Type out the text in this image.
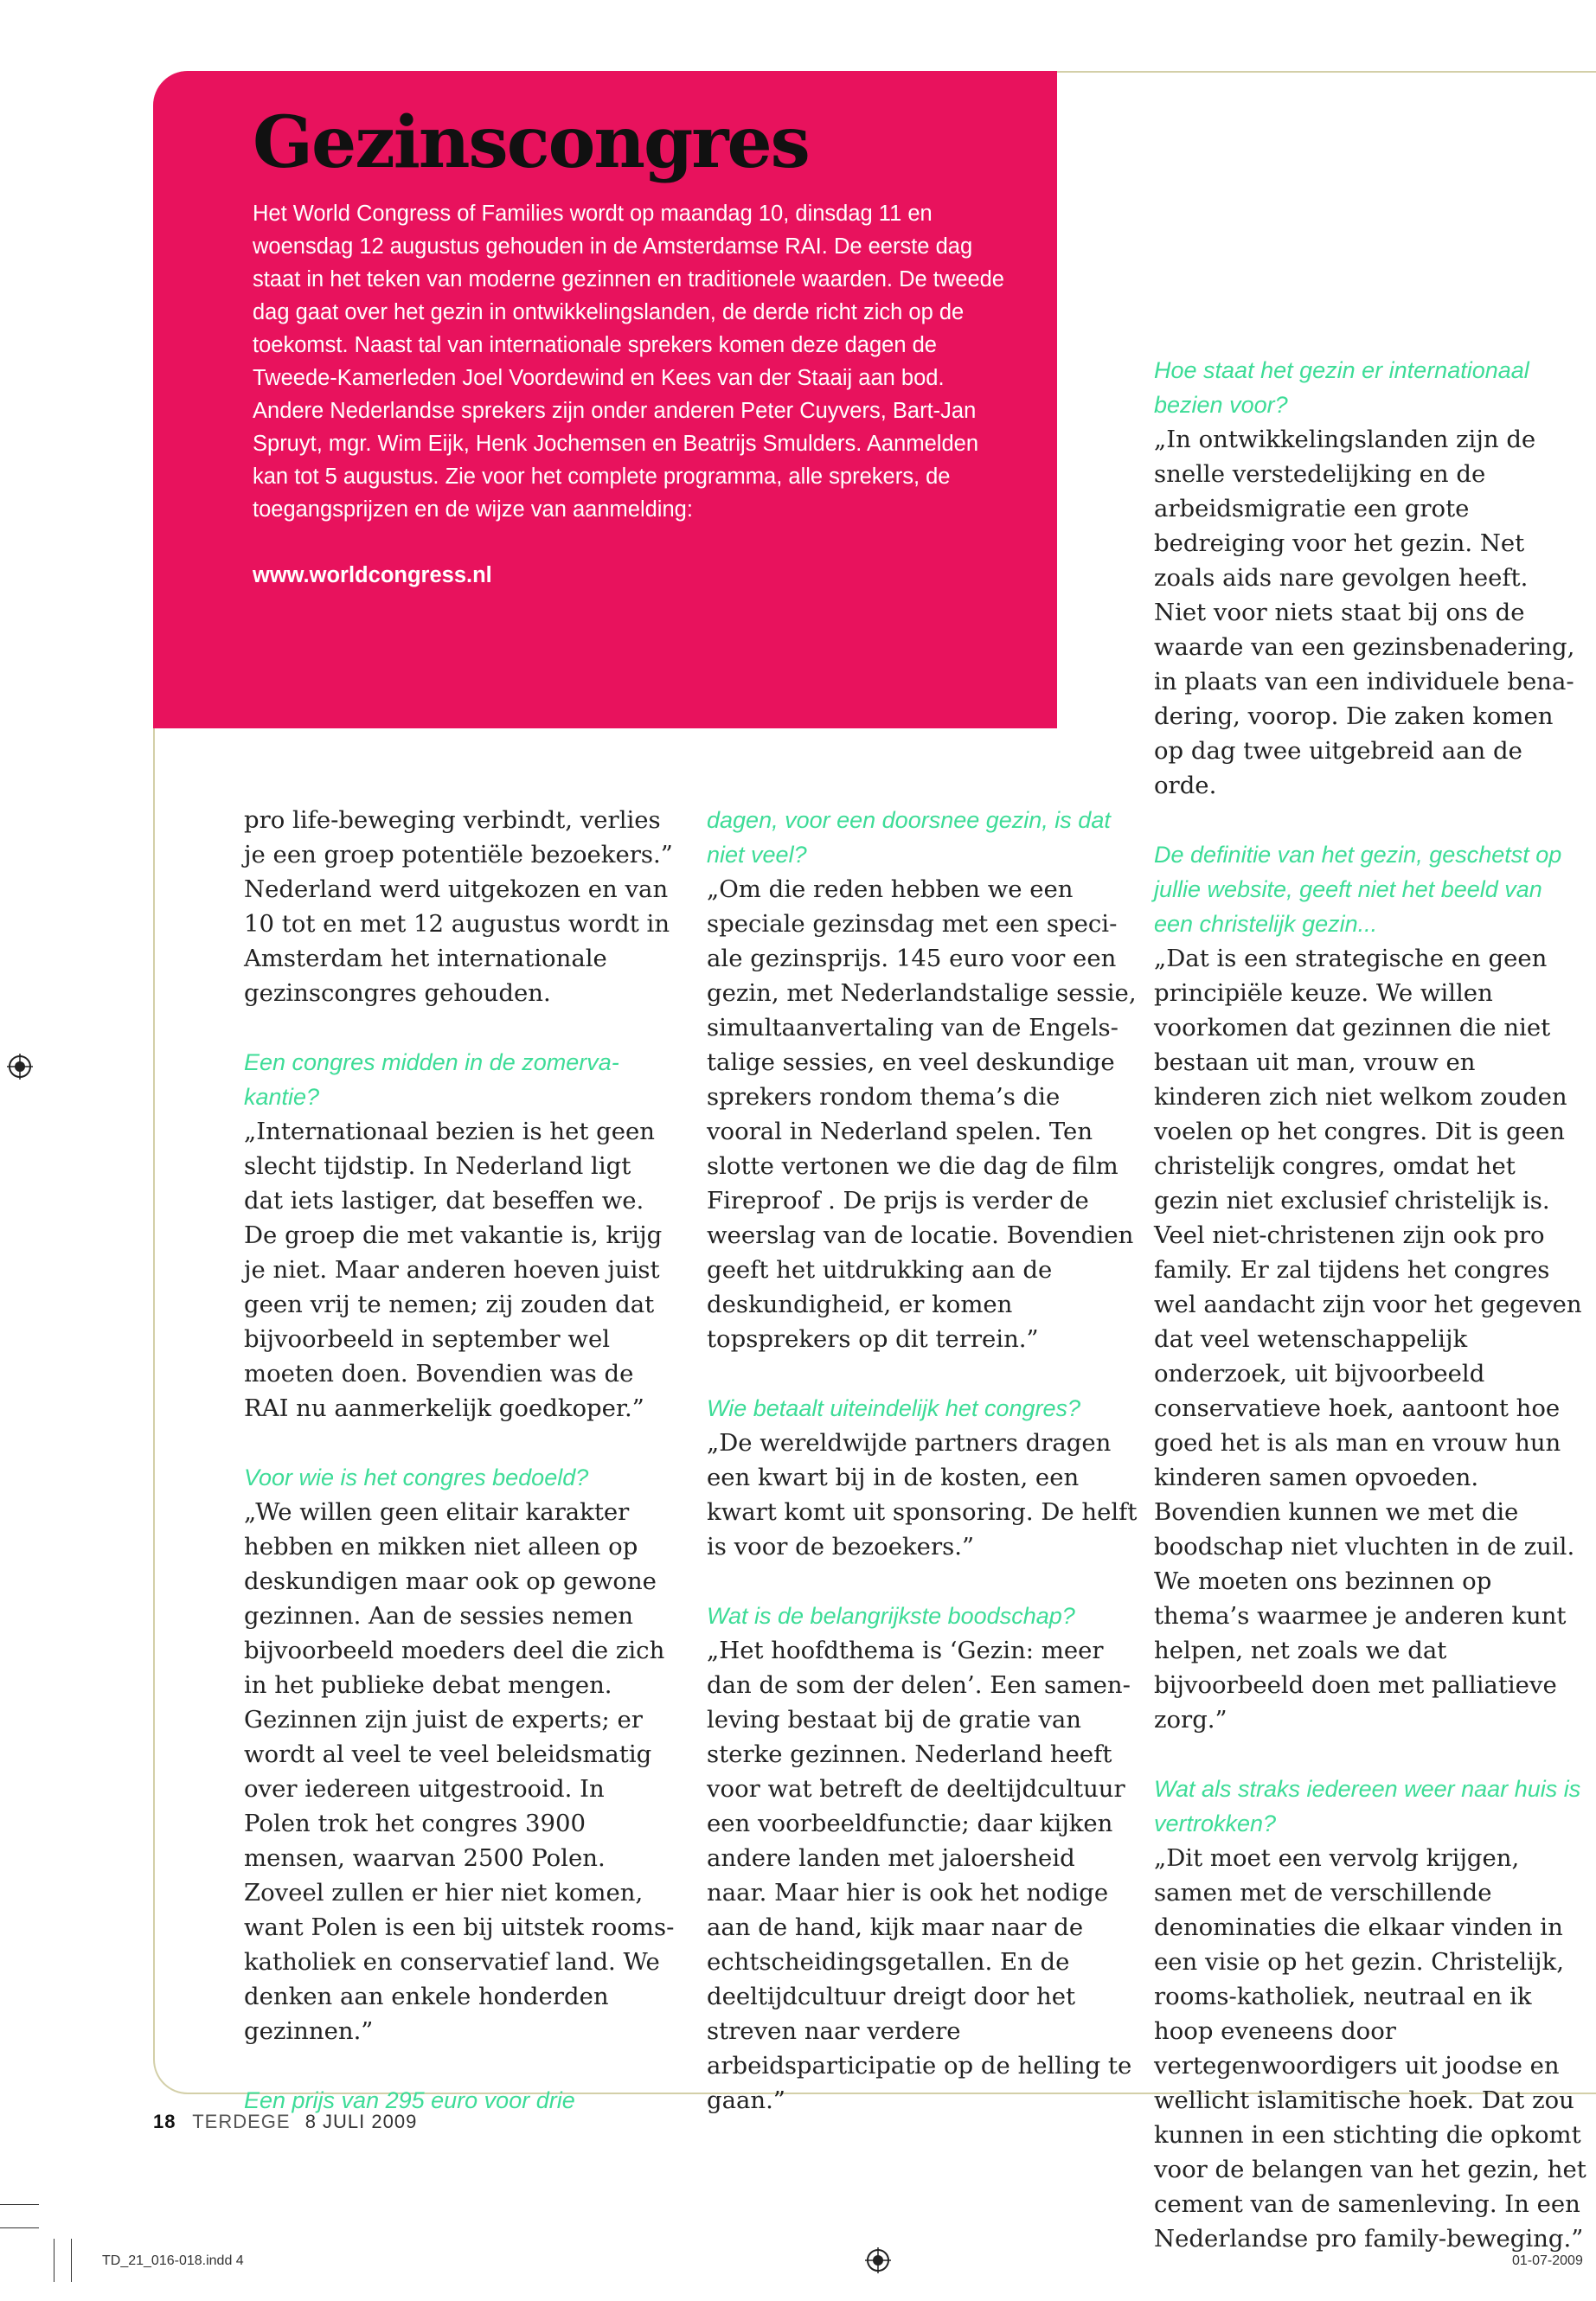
Gezinscongres

Het World Congress of Families wordt op maandag 10, dinsdag 11 en woensdag 12 augustus gehouden in de Amsterdamse RAI. De eerste dag staat in het teken van moderne gezinnen en traditionele waarden. De tweede dag gaat over het gezin in ontwikkelingslanden, de derde richt zich op de toekomst. Naast tal van internationale sprekers komen deze dagen de Tweede-Kamerleden Joel Voordewind en Kees van der Staaij aan bod. Andere Nederlandse sprekers zijn onder anderen Peter Cuyvers, Bart-Jan Spruyt, mgr. Wim Eijk, Henk Jochemsen en Beatrijs Smulders. Aanmelden kan tot 5 augustus. Zie voor het complete programma, alle sprekers, de toegangsprijzen en de wijze van aanmelding:

www.worldcongress.nl

pro life-beweging verbindt, verlies je een groep potentiële bezoekers.” Nederland werd uitgekozen en van 10 tot en met 12 augustus wordt in Amsterdam het internationale gezinscongres gehouden.

Een congres midden in de zomervakantie?
„Internationaal bezien is het geen slecht tijdstip. In Nederland ligt dat iets lastiger, dat beseffen we. De groep die met vakantie is, krijg je niet. Maar anderen hoeven juist geen vrij te nemen; zij zouden dat bijvoorbeeld in september wel moeten doen. Bovendien was de RAI nu aanmerkelijk goedkoper.”

Voor wie is het congres bedoeld?
„We willen geen elitair karakter hebben en mikken niet alleen op deskundigen maar ook op gewone gezinnen. Aan de sessies nemen bijvoorbeeld moeders deel die zich in het publieke debat mengen. Gezinnen zijn juist de experts; er wordt al veel te veel beleidsmatig over iedereen uitgestrooid. In Polen trok het congres 3900 mensen, waarvan 2500 Polen. Zoveel zullen er hier niet komen, want Polen is een bij uitstek rooms-katholiek en conservatief land. We denken aan enkele honderden gezinnen.”

Een prijs van 295 euro voor drie

dagen, voor een doorsnee gezin, is dat niet veel?
„Om die reden hebben we een speciale gezinsdag met een speciale gezinsprijs. 145 euro voor een gezin, met Nederlandstalige sessie, simultaanvertaling van de Engelstalige sessies, en veel deskundige sprekers rondom thema’s die vooral in Nederland spelen. Ten slotte vertonen we die dag de film Fireproof . De prijs is verder de weerslag van de locatie. Bovendien geeft het uitdrukking aan de deskundigheid, er komen topsprekers op dit terrein.”

Wie betaalt uiteindelijk het congres?
„De wereldwijde partners dragen een kwart bij in de kosten, een kwart komt uit sponsoring. De helft is voor de bezoekers.”

Wat is de belangrijkste boodschap?
„Het hoofdthema is ‘Gezin: meer dan de som der delen’. Een samenleving bestaat bij de gratie van sterke gezinnen. Nederland heeft voor wat betreft de deeltijdcultuur een voorbeeldfunctie; daar kijken andere landen met jaloersheid naar. Maar hier is ook het nodige aan de hand, kijk maar naar de echtscheidingsgetallen. En de deeltijdcultuur dreigt door het streven naar verdere arbeidsparticipatie op de helling te gaan.”

Hoe staat het gezin er internationaal bezien voor?
„In ontwikkelingslanden zijn de snelle verstedelijking en de arbeidsmigratie een grote bedreiging voor het gezin. Net zoals aids nare gevolgen heeft. Niet voor niets staat bij ons de waarde van een gezinsbenadering, in plaats van een individuele benadering, voorop. Die zaken komen op dag twee uitgebreid aan de orde.

De definitie van het gezin, geschetst op jullie website, geeft niet het beeld van een christelijk gezin...
„Dat is een strategische en geen principiële keuze. We willen voorkomen dat gezinnen die niet bestaan uit man, vrouw en kinderen zich niet welkom zouden voelen op het congres. Dit is geen christelijk congres, omdat het gezin niet exclusief christelijk is. Veel niet-christenen zijn ook pro family. Er zal tijdens het congres wel aandacht zijn voor het gegeven dat veel wetenschappelijk onderzoek, uit bijvoorbeeld conservatieve hoek, aantoont hoe goed het is als man en vrouw hun kinderen samen opvoeden. Bovendien kunnen we met die boodschap niet vluchten in de zuil. We moeten ons bezinnen op thema’s waarmee je anderen kunt helpen, net zoals we dat bijvoorbeeld doen met palliatieve zorg.”

Wat als straks iedereen weer naar huis is vertrokken?
„Dit moet een vervolg krijgen, samen met de verschillende denominaties die elkaar vinden in een visie op het gezin. Christelijk, rooms-katholiek, neutraal en ik hoop eveneens door vertegenwoordigers uit joodse en wellicht islamitische hoek. Dat zou kunnen in een stichting die opkomt voor de belangen van het gezin, het cement van de samenleving. In een Nederlandse pro family-beweging.”

18 TERDEGE 8 JULI 2009
TD_21_016-018.indd 4	01-07-2009
